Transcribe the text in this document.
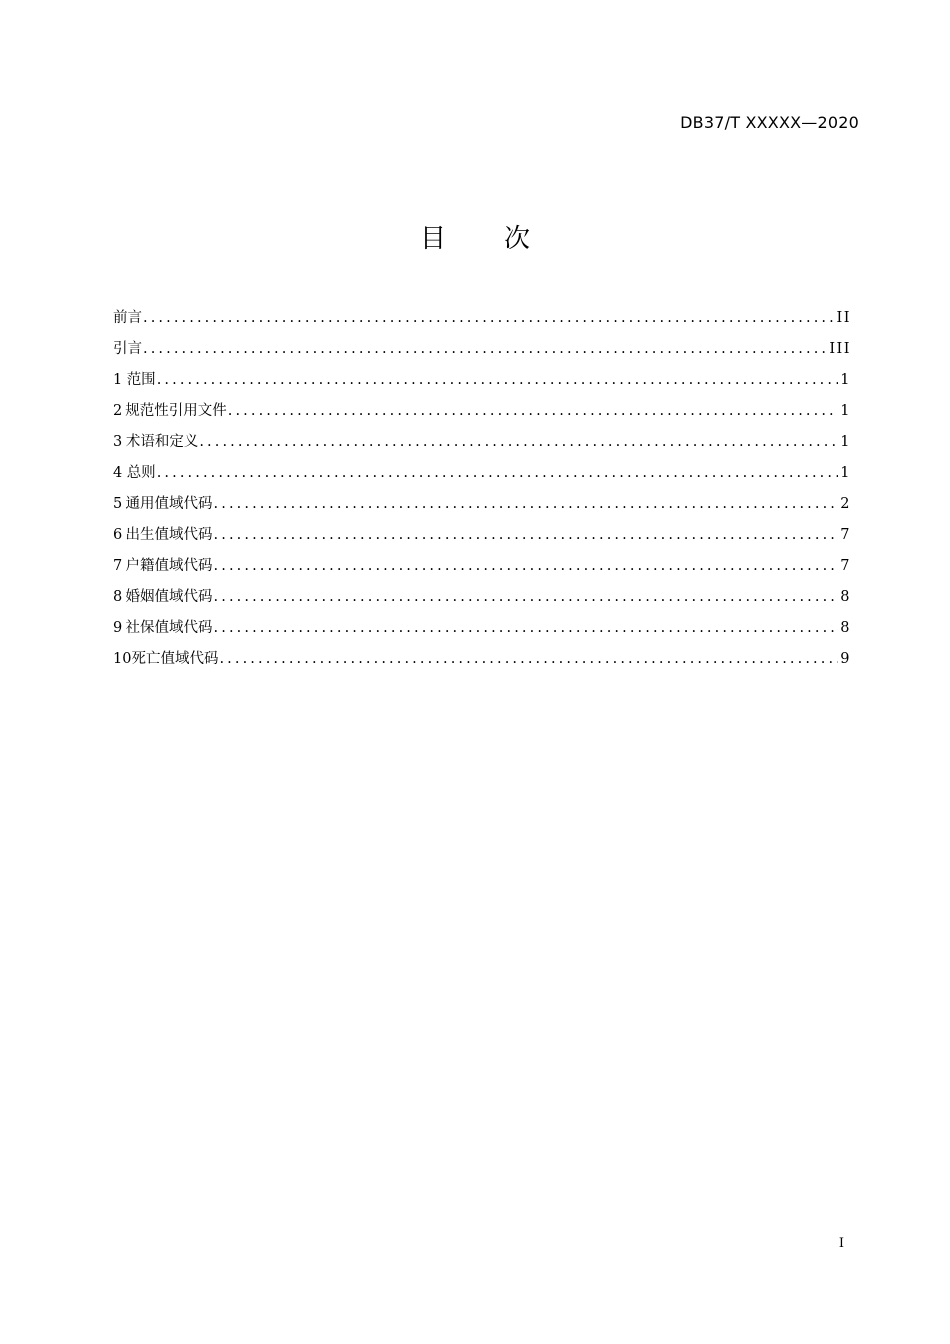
DB37/T XXXXX—2020
目 次
前言 .....	II
引言 .....	III
1 范围 .....	1
2 规范性引用文件 .....	1
3 术语和定义 .....	1
4 总则 .....	1
5 通用值域代码 .....	2
6 出生值域代码 .....	7
7 户籍值域代码 .....	7
8 婚姻值域代码 .....	8
9 社保值域代码 .....	8
10 死亡值域代码 .....	9
I
